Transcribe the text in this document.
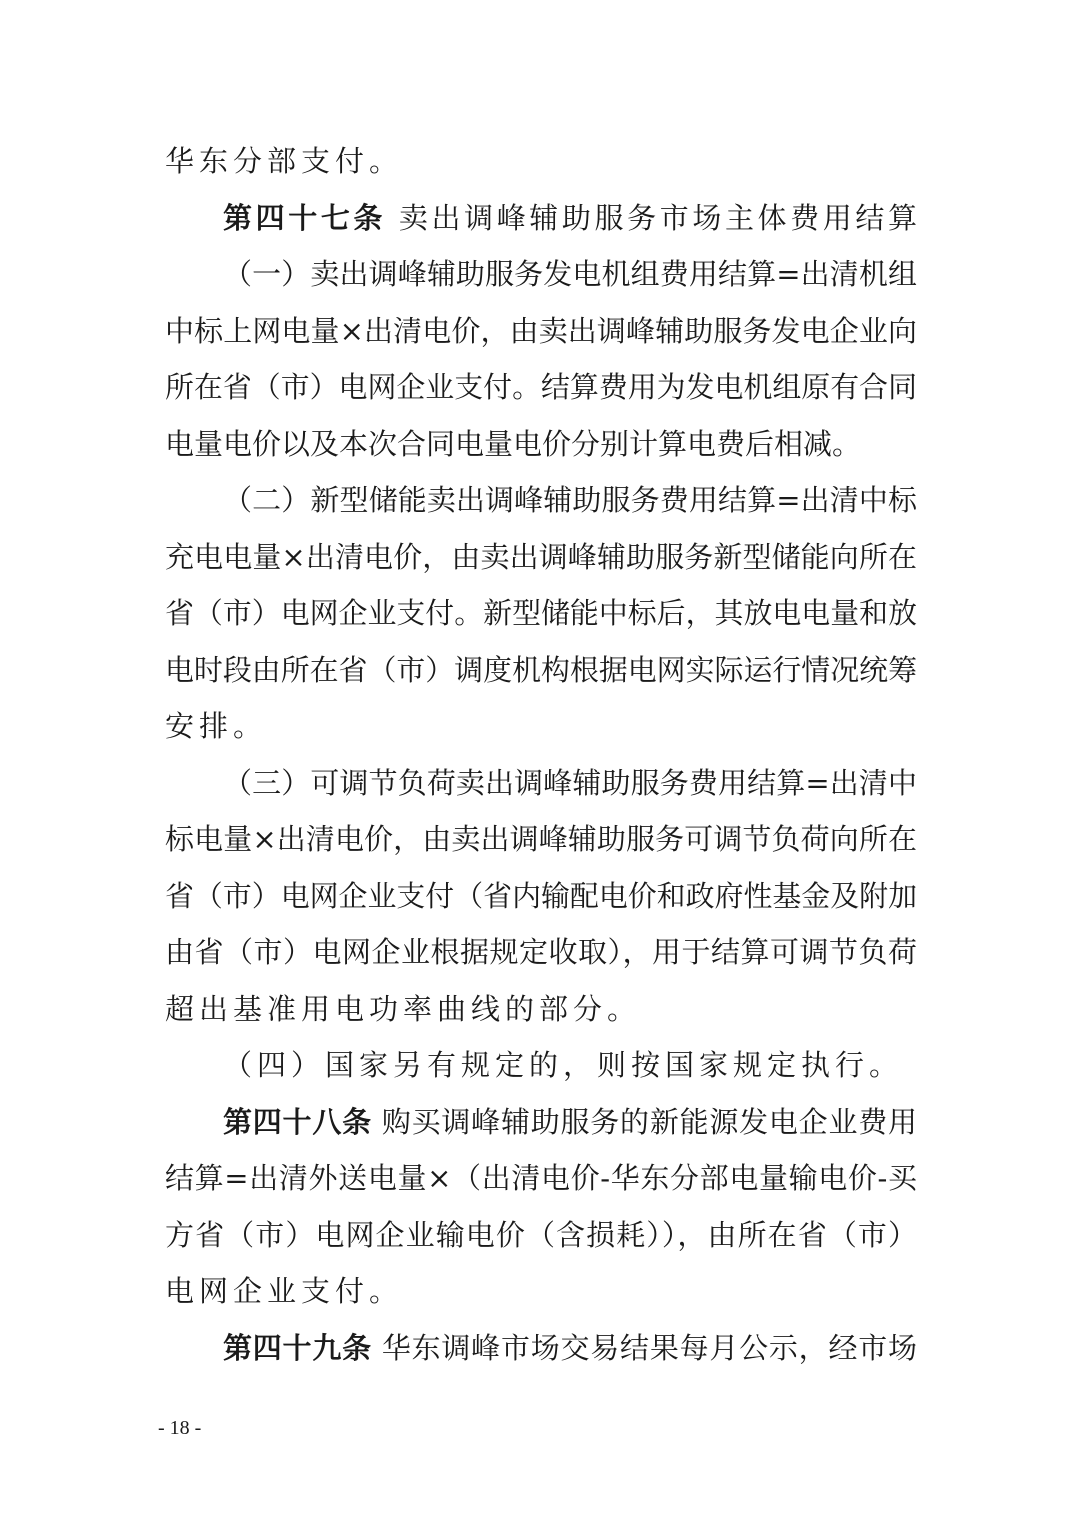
华东分部支付。
第四十七条 卖出调峰辅助服务市场主体费用结算
（一）卖出调峰辅助服务发电机组费用结算=出清机组
中标上网电量×出清电价，由卖出调峰辅助服务发电企业向
所在省（市）电网企业支付。结算费用为发电机组原有合同
电量电价以及本次合同电量电价分别计算电费后相减。
（二）新型储能卖出调峰辅助服务费用结算=出清中标
充电电量×出清电价，由卖出调峰辅助服务新型储能向所在
省（市）电网企业支付。新型储能中标后，其放电电量和放
电时段由所在省（市）调度机构根据电网实际运行情况统筹
安排。
（三）可调节负荷卖出调峰辅助服务费用结算=出清中
标电量×出清电价，由卖出调峰辅助服务可调节负荷向所在
省（市）电网企业支付（省内输配电价和政府性基金及附加
由省（市）电网企业根据规定收取），用于结算可调节负荷
超出基准用电功率曲线的部分。
（四）国家另有规定的，则按国家规定执行。
第四十八条 购买调峰辅助服务的新能源发电企业费用
结算=出清外送电量×（出清电价-华东分部电量输电价-买
方省（市）电网企业输电价（含损耗）），由所在省（市）
电网企业支付。
第四十九条 华东调峰市场交易结果每月公示，经市场
- 18 -
